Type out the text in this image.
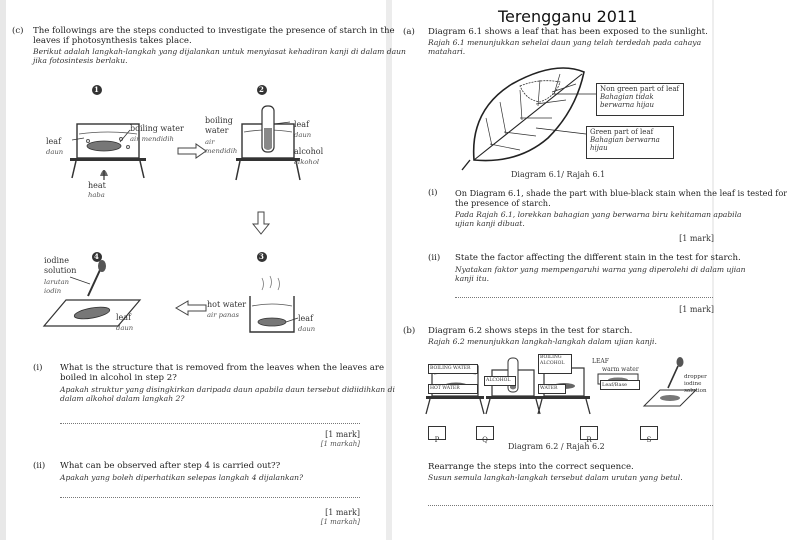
Terengganu 2011
(c) The followings are the steps conducted to investigate the presence of starch in the
leaves if photosynthesis takes place.
Berikut adalah langkah-langkah yang dijalankan untuk menyiasat kehadiran kanji di dalam daun
jika fotosintesis berlaku.
1	2
3
4
leaf
daun
boiling water
air mendidih
heat
haba
boiling
water
air
mendidih
leaf
daun
alcohol
alkohol
hot water
air panas	leaf
daun
iodine
solution
larutan
iodin
leaf
daun
(i) What is the structure that is removed from the leaves when the leaves are
boiled in alcohol in step 2?
Apakah struktur yang disingkirkan daripada daun apabila daun tersebut didiidihkan di
dalam alkohol dalam langkah 2?
[1 mark]
[1 markah]
(ii) What can be observed after step 4 is carried out??
Apakah yang boleh diperhatikan selepas langkah 4 dijalankan?
[1 mark]
[1 markah]
(a) Diagram 6.1 shows a leaf that has been exposed to the sunlight.
Rajah 6.1 menunjukkan sehelai daun yang telah terdedah pada cahaya
matahari.
Non green part of leaf
Bahagian tidak
berwarna hijau
Green part of leaf
Bahagian berwarna
hijau
Diagram 6.1/ Rajah 6.1
(i) On Diagram 6.1, shade the part with blue-black stain when the leaf is tested for
the presence of starch.
Pada Rajah 6.1, lorekkan bahagian yang berwarna biru kehitaman apabila
ujian kanji dibuat.
[1 mark]
(ii) State the factor affecting the different stain in the test for starch.
Nyatakan faktor yang mempengaruhi warna yang diperolehi di dalam ujian
kanji itu.
[1 mark]
(b) Diagram 6.2 shows steps in the test for starch.
Rajah 6.2 menunjukkan langkah-langkah dalam ujian kanji.
BOILING WATER
HOT WATER
ALCOHOL
BOILING ALCOHOL
WATER
LEAF
warm water
Leaf/Base
dropper
iodine
solution
P	Q	R	S
Diagram 6.2 / Rajah 6.2
Rearrange the steps into the correct sequence.
Susun semula langkah-langkah tersebut dalam urutan yang betul.
